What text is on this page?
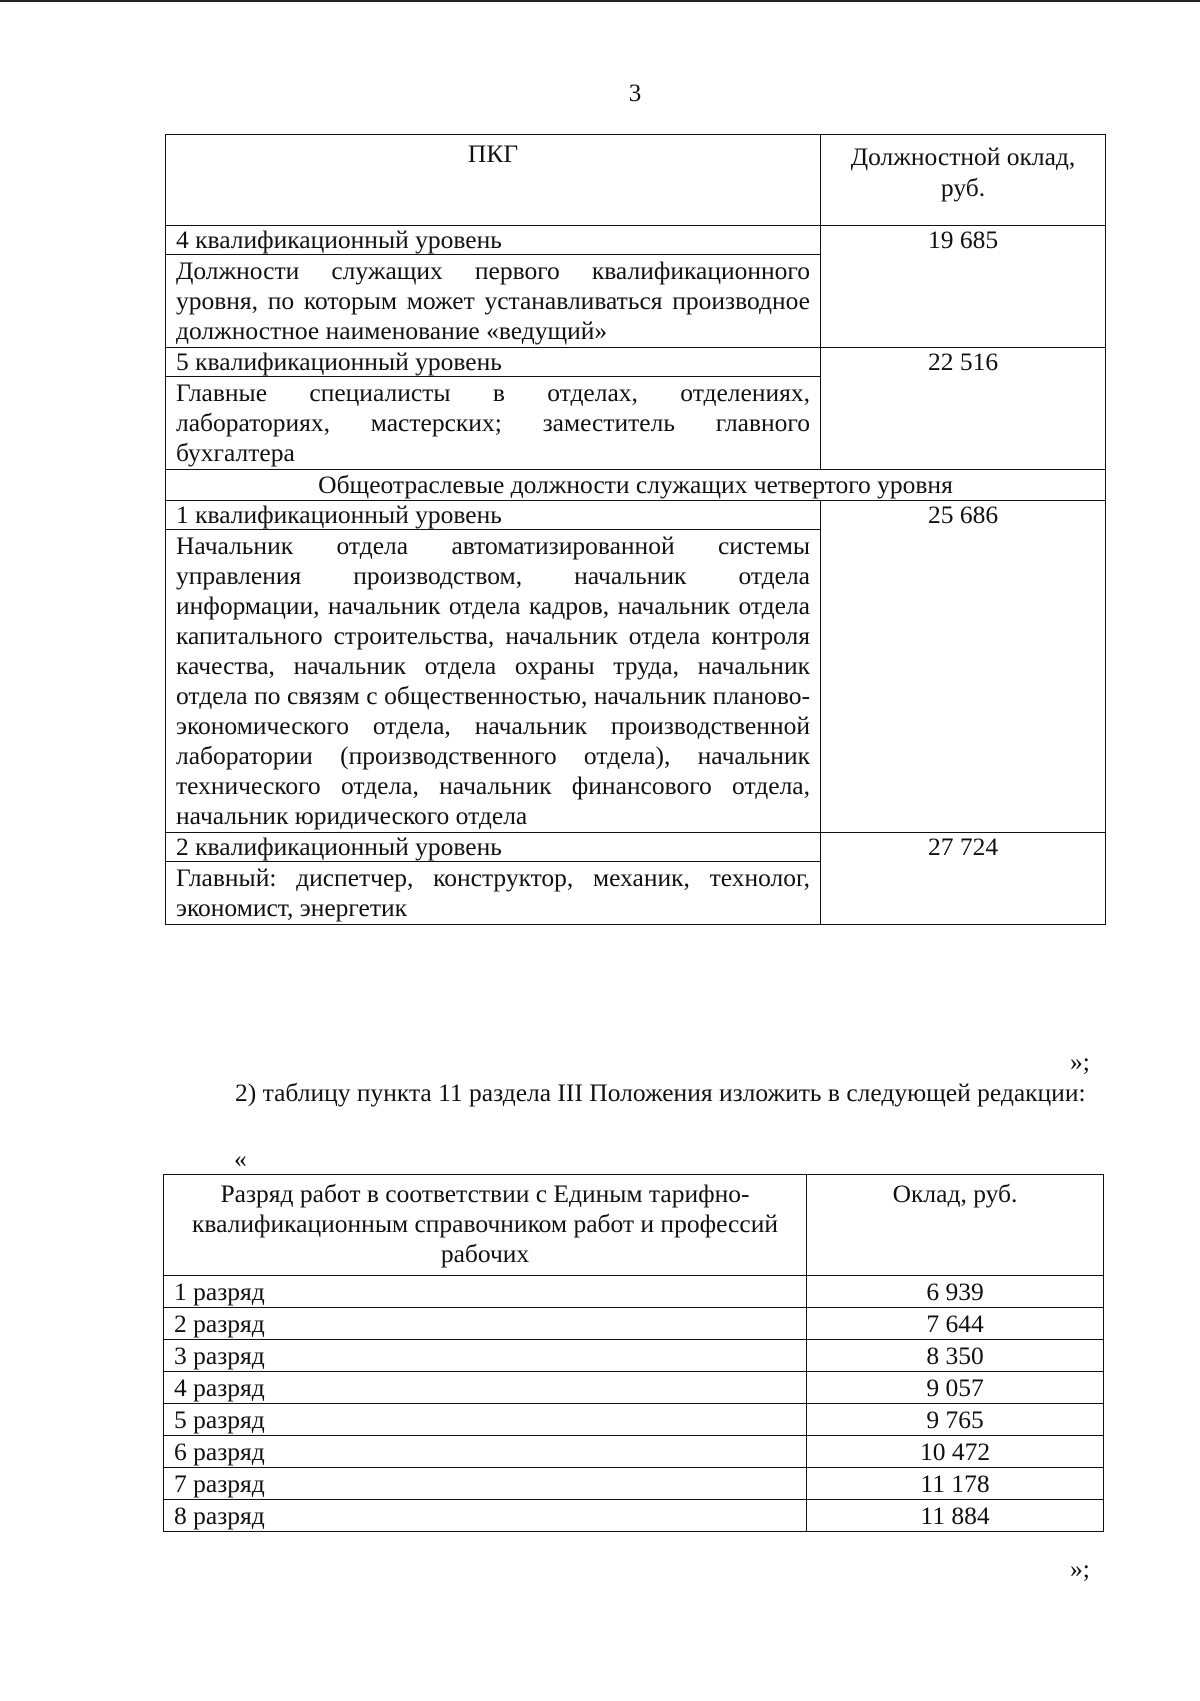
3
ПКГ	Должностной оклад, руб.
4 квалификационный уровень	19 685
Должности служащих первого квалификационного уровня, по которым может устанавливаться производное должностное наименование «ведущий»	
5 квалификационный уровень	22 516
Главные специалисты в отделах, отделениях, лабораториях, мастерских; заместитель главного бухгалтера	
Общеотраслевые должности служащих четвертого уровня	
1 квалификационный уровень	25 686
Начальник отдела автоматизированной системы управления производством, начальник отдела информации, начальник отдела кадров, начальник отдела капитального строительства, начальник отдела контроля качества, начальник отдела охраны труда, начальник отдела по связям с общественностью, начальник планово-экономического отдела, начальник производственной лаборатории (производственного отдела), начальник технического отдела, начальник финансового отдела, начальник юридического отдела	
2 квалификационный уровень	27 724
Главный: диспетчер, конструктор, механик, технолог, экономист, энергетик	
»;

2) таблицу пункта 11 раздела III Положения изложить в следующей редакции:

«
Разряд работ в соответствии с Единым тарифно-квалификационным справочником работ и профессий рабочих	Оклад, руб.
1 разряд	6 939
2 разряд	7 644
3 разряд	8 350
4 разряд	9 057
5 разряд	9 765
6 разряд	10 472
7 разряд	11 178
8 разряд	11 884
»;
